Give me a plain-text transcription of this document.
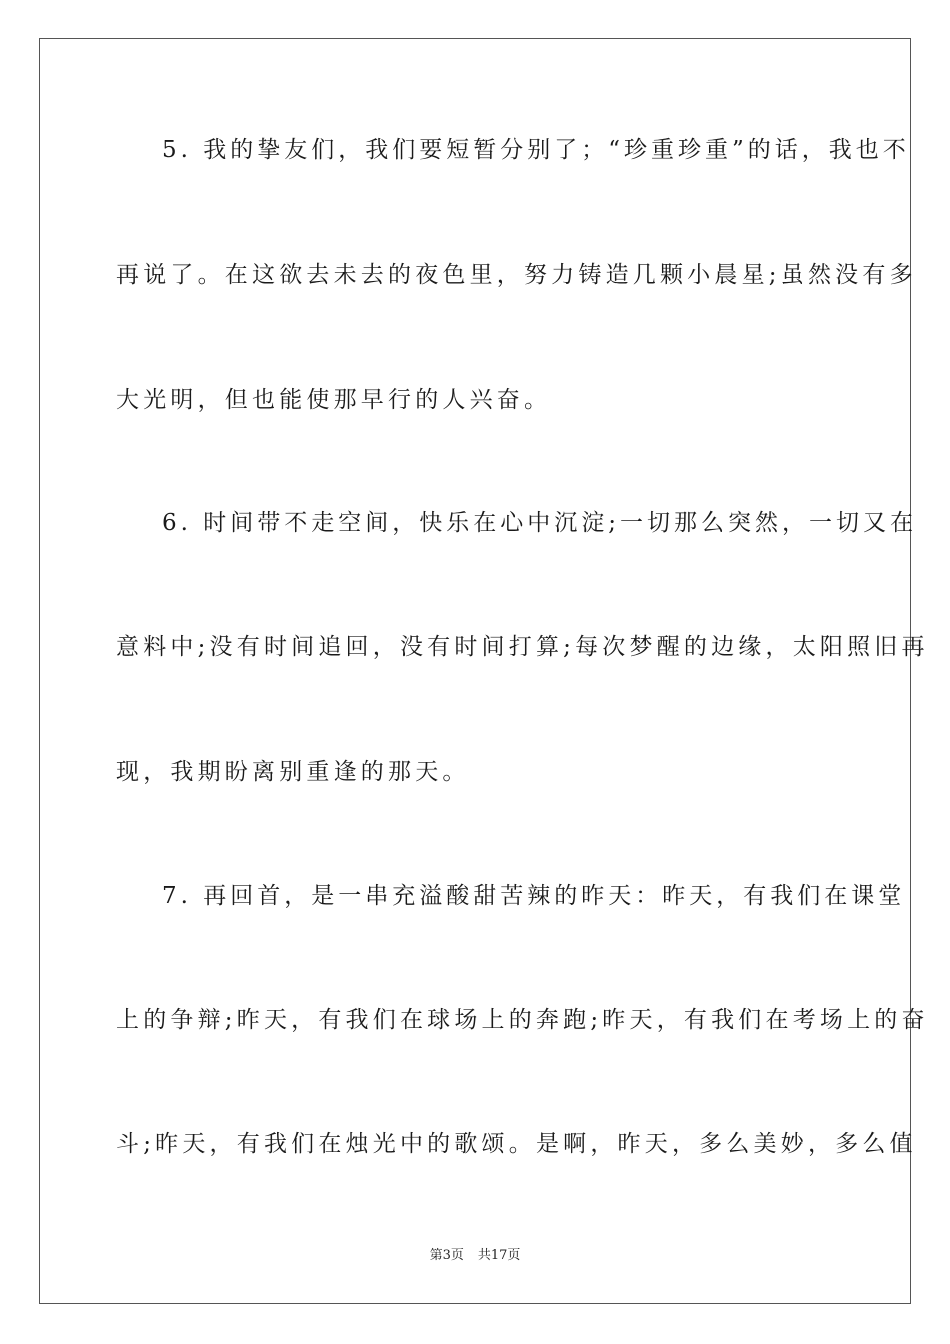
5. 我的挚友们，我们要短暂分别了；“珍重珍重”的话，我也不
再说了。在这欲去未去的夜色里，努力铸造几颗小晨星;虽然没有多
大光明，但也能使那早行的人兴奋。
6. 时间带不走空间，快乐在心中沉淀;一切那么突然，一切又在
意料中;没有时间追回，没有时间打算;每次梦醒的边缘，太阳照旧再
现，我期盼离别重逢的那天。
7. 再回首，是一串充溢酸甜苦辣的昨天：昨天，有我们在课堂
上的争辩;昨天，有我们在球场上的奔跑;昨天，有我们在考场上的奋
斗;昨天，有我们在烛光中的歌颂。是啊，昨天，多么美妙，多么值
第3页 共17页
